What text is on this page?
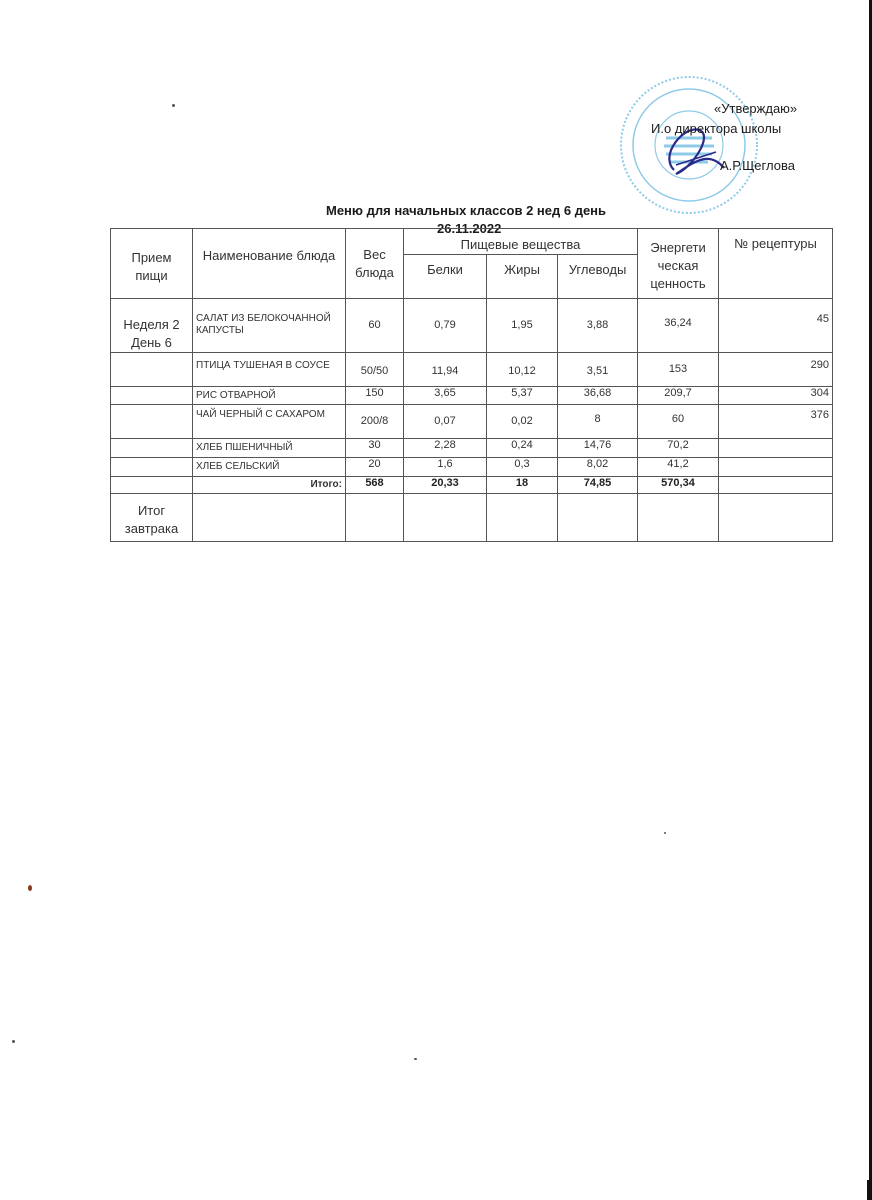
«Утверждаю»
И.о директора школы
А.Р.Щеглова
Меню для начальных классов 2 нед 6 день
26.11.2022
Прием пищи	Наименование блюда	Вес блюда	Пищевые вещества			Энергети ческая ценность	№ рецептуры
			Белки	Жиры	Углеводы		
Неделя 2 День 6	САЛАТ ИЗ БЕЛОКОЧАННОЙ КАПУСТЫ	60	0,79	1,95	3,88	36,24	45
	ПТИЦА ТУШЕНАЯ В СОУСЕ	50/50	11,94	10,12	3,51	153	290
	РИС ОТВАРНОЙ	150	3,65	5,37	36,68	209,7	304
	ЧАЙ ЧЕРНЫЙ С САХАРОМ	200/8	0,07	0,02	8	60	376
	ХЛЕБ ПШЕНИЧНЫЙ	30	2,28	0,24	14,76	70,2	
	ХЛЕБ СЕЛЬСКИЙ	20	1,6	0,3	8,02	41,2	
	Итого:	568	20,33	18	74,85	570,34	
Итог завтрака							
